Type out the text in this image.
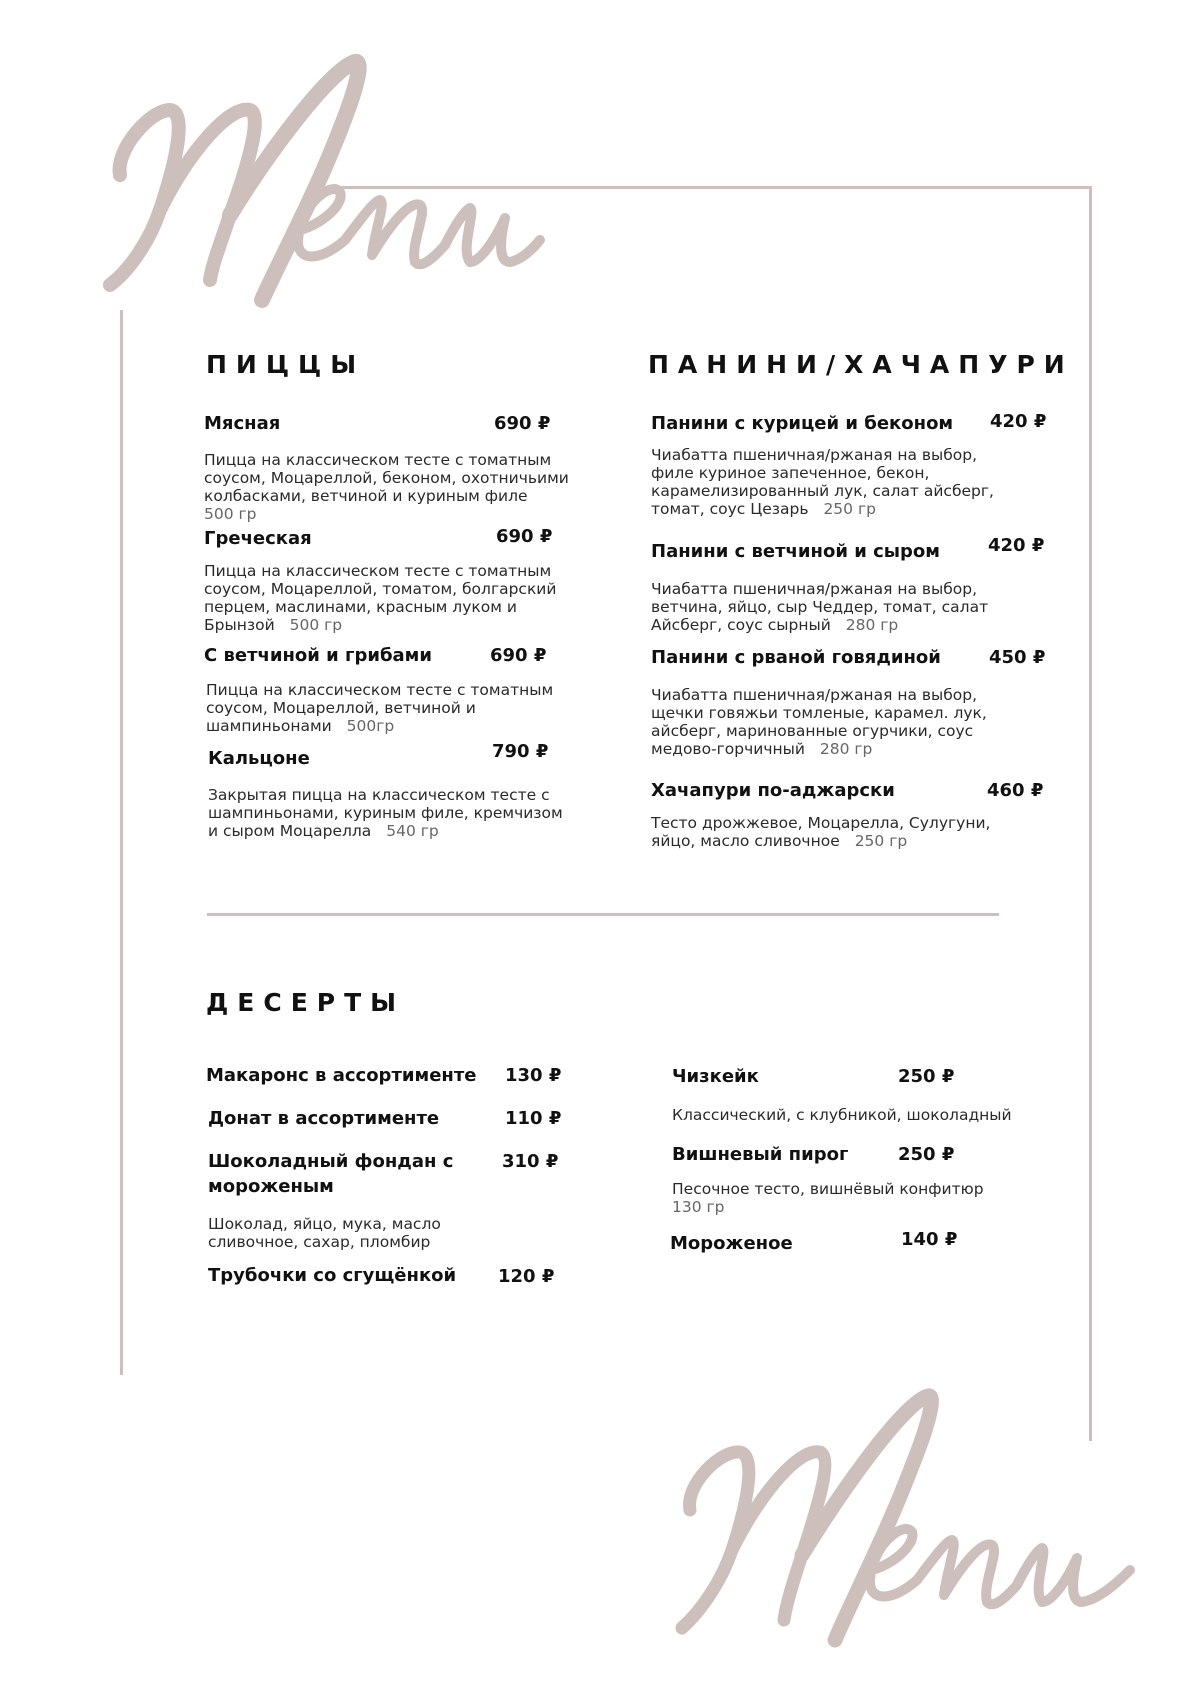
ПИЦЦЫ
Мясная	690 ₽
Пицца на классическом тесте с томатным соусом, Моцареллой, беконом, охотничьими колбасками, ветчиной и куриным филе
500 гр
Греческая	690 ₽
Пицца на классическом тесте с томатным соусом, Моцареллой, томатом, болгарский перцем, маслинами, красным луком и Брынзой 500 гр
С ветчиной и грибами	690 ₽
Пицца на классическом тесте с томатным соусом, Моцареллой, ветчиной и шампиньонами 500гр
Кальцоне	790 ₽
Закрытая пицца на классическом тесте с шампиньонами, куриным филе, кремчизом и сыром Моцарелла 540 гр
ПАНИНИ/ХАЧАПУРИ
Панини с курицей и беконом 420 ₽
Чиабатта пшеничная/ржаная на выбор, филе куриное запеченное, бекон, карамелизированный лук, салат айсберг, томат, соус Цезарь 250 гр
Панини с ветчиной и сыром	420 ₽
Чиабатта пшеничная/ржаная на выбор, ветчина, яйцо, сыр Чеддер, томат, салат Айсберг, соус сырный 280 гр
Панини с рваной говядиной	450 ₽
Чиабатта пшеничная/ржаная на выбор, щечки говяжьи томленые, карамел. лук, айсберг, маринованные огурчики, соус медово-горчичный 280 гр
Хачапури по-аджарски	460 ₽
Тесто дрожжевое, Моцарелла, Сулугуни, яйцо, масло сливочное 250 гр
ДЕСЕРТЫ
Макаронс в ассортименте 130 ₽
Донат в ассортименте	110 ₽
Шоколадный фондан с мороженым
310 ₽
Шоколад, яйцо, мука, масло сливочное, сахар, пломбир
Трубочки со сгущёнкой 120 ₽
Чизкейк	250 ₽
Классический, с клубникой, шоколадный
Вишневый пирог	250 ₽
Песочное тесто, вишнёвый конфитюр
130 гр
Мороженое	140 ₽
